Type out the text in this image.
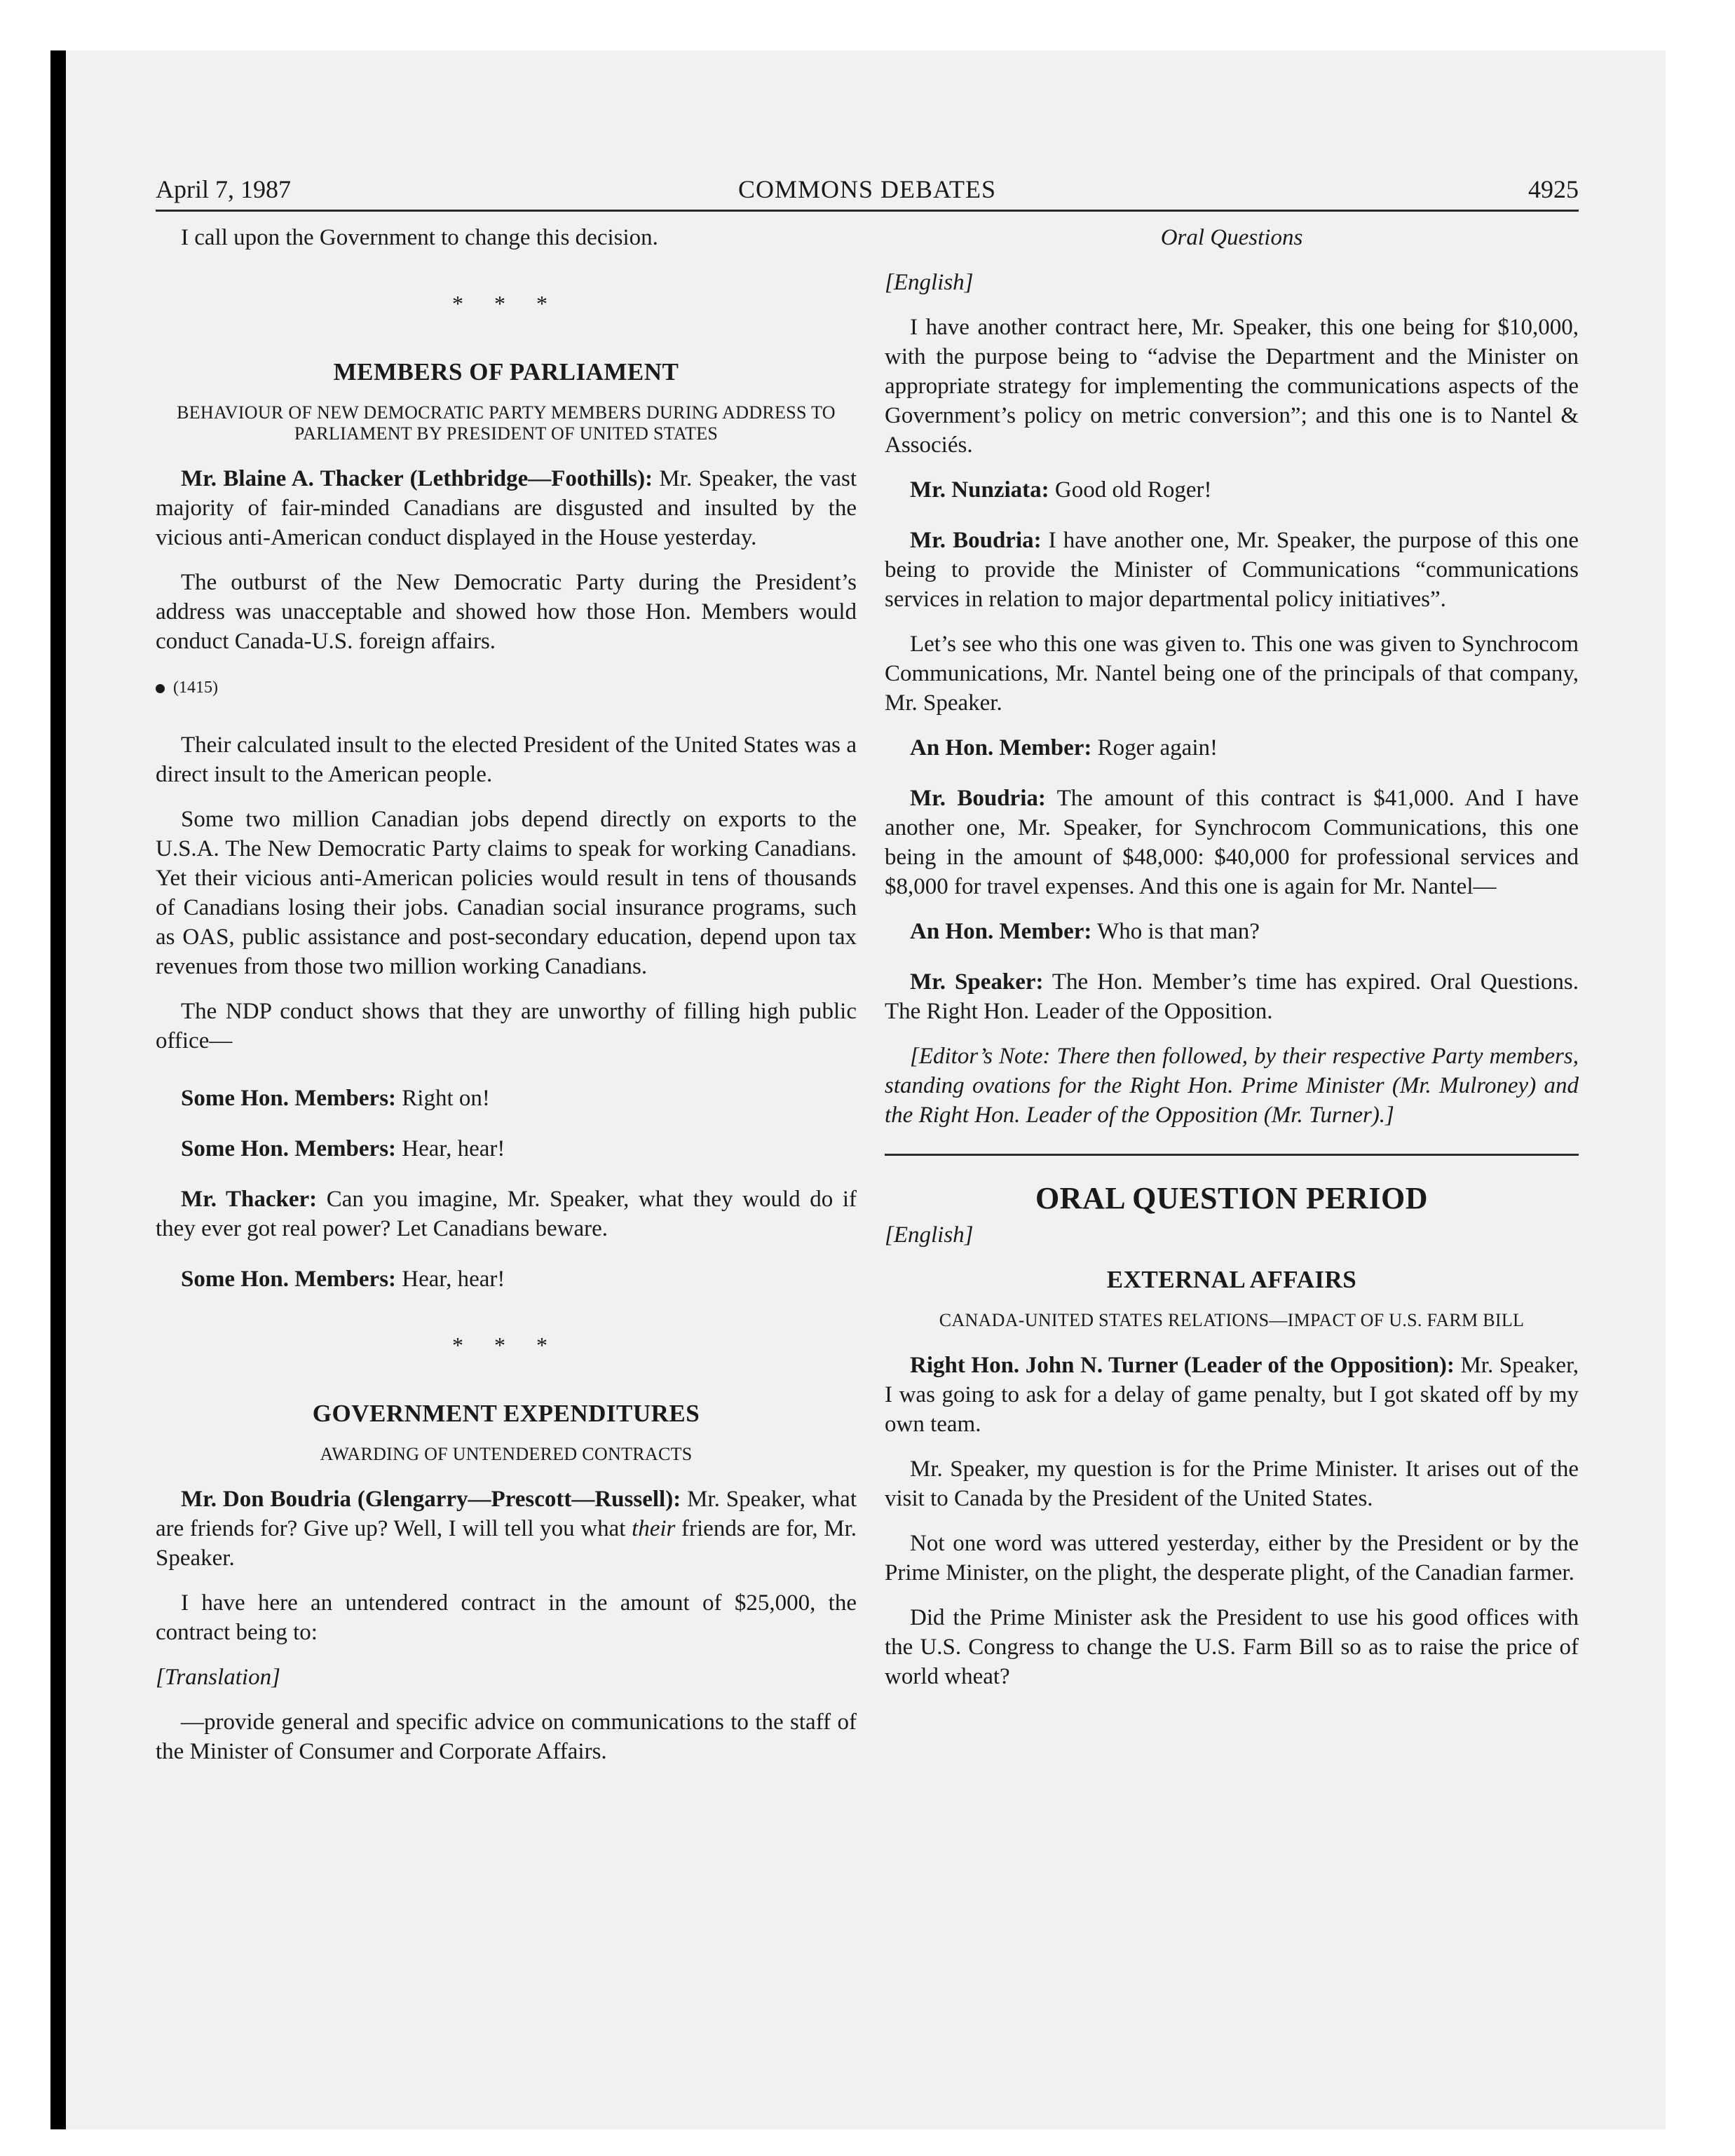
April 7, 1987	COMMONS DEBATES	4925

I call upon the Government to change this decision.

* * *
MEMBERS OF PARLIAMENT
BEHAVIOUR OF NEW DEMOCRATIC PARTY MEMBERS DURING ADDRESS TO PARLIAMENT BY PRESIDENT OF UNITED STATES

Mr. Blaine A. Thacker (Lethbridge—Foothills): Mr. Speaker, the vast majority of fair-minded Canadians are disgusted and insulted by the vicious anti-American conduct displayed in the House yesterday.

The outburst of the New Democratic Party during the President’s address was unacceptable and showed how those Hon. Members would conduct Canada-U.S. foreign affairs.

(1415)

Their calculated insult to the elected President of the United States was a direct insult to the American people.

Some two million Canadian jobs depend directly on exports to the U.S.A. The New Democratic Party claims to speak for working Canadians. Yet their vicious anti-American policies would result in tens of thousands of Canadians losing their jobs. Canadian social insurance programs, such as OAS, public assistance and post-secondary education, depend upon tax revenues from those two million working Canadians.

The NDP conduct shows that they are unworthy of filling high public office—

Some Hon. Members: Right on!

Some Hon. Members: Hear, hear!

Mr. Thacker: Can you imagine, Mr. Speaker, what they would do if they ever got real power? Let Canadians beware.

Some Hon. Members: Hear, hear!

* * *
GOVERNMENT EXPENDITURES
AWARDING OF UNTENDERED CONTRACTS

Mr. Don Boudria (Glengarry—Prescott—Russell): Mr. Speaker, what are friends for? Give up? Well, I will tell you what their friends are for, Mr. Speaker.

I have here an untendered contract in the amount of $25,000, the contract being to:

[Translation]

—provide general and specific advice on communications to the staff of the Minister of Consumer and Corporate Affairs.

Oral Questions

[English]

I have another contract here, Mr. Speaker, this one being for $10,000, with the purpose being to “advise the Department and the Minister on appropriate strategy for implementing the communications aspects of the Government’s policy on metric conversion”; and this one is to Nantel & Associés.

Mr. Nunziata: Good old Roger!

Mr. Boudria: I have another one, Mr. Speaker, the purpose of this one being to provide the Minister of Communications “communications services in relation to major departmental policy initiatives”.

Let’s see who this one was given to. This one was given to Synchrocom Communications, Mr. Nantel being one of the principals of that company, Mr. Speaker.

An Hon. Member: Roger again!

Mr. Boudria: The amount of this contract is $41,000. And I have another one, Mr. Speaker, for Synchrocom Communications, this one being in the amount of $48,000: $40,000 for professional services and $8,000 for travel expenses. And this one is again for Mr. Nantel—

An Hon. Member: Who is that man?

Mr. Speaker: The Hon. Member’s time has expired. Oral Questions. The Right Hon. Leader of the Opposition.

[Editor’s Note: There then followed, by their respective Party members, standing ovations for the Right Hon. Prime Minister (Mr. Mulroney) and the Right Hon. Leader of the Opposition (Mr. Turner).]

ORAL QUESTION PERIOD

[English]

EXTERNAL AFFAIRS
CANADA-UNITED STATES RELATIONS—IMPACT OF U.S. FARM BILL

Right Hon. John N. Turner (Leader of the Opposition): Mr. Speaker, I was going to ask for a delay of game penalty, but I got skated off by my own team.

Mr. Speaker, my question is for the Prime Minister. It arises out of the visit to Canada by the President of the United States.

Not one word was uttered yesterday, either by the President or by the Prime Minister, on the plight, the desperate plight, of the Canadian farmer.

Did the Prime Minister ask the President to use his good offices with the U.S. Congress to change the U.S. Farm Bill so as to raise the price of world wheat?
